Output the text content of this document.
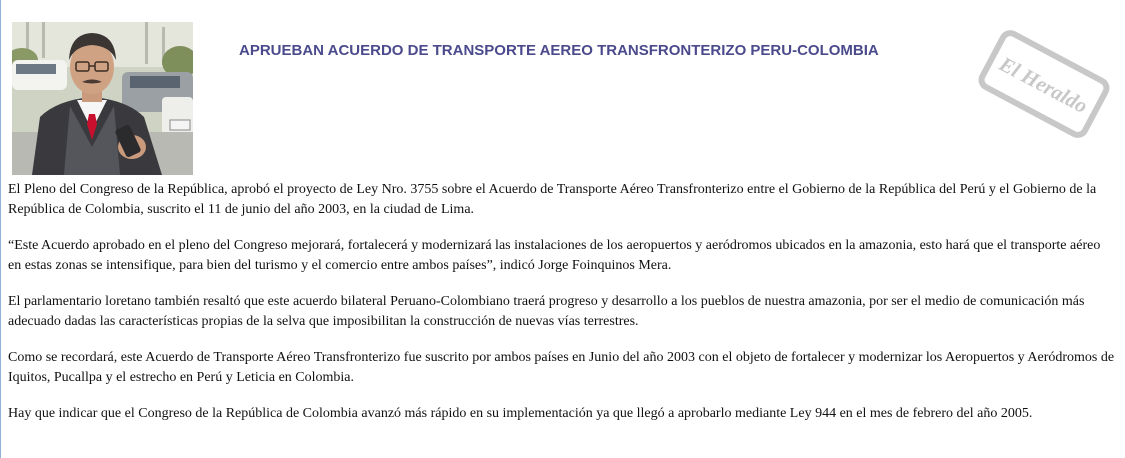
APRUEBAN ACUERDO DE TRANSPORTE AEREO TRANSFRONTERIZO PERU-COLOMBIA
El Heraldo

El Pleno del Congreso de la República, aprobó el proyecto de Ley Nro. 3755 sobre el Acuerdo de Transporte Aéreo Transfronterizo entre el Gobierno de la República del Perú y el Gobierno de la República de Colombia, suscrito el 11 de junio del año 2003, en la ciudad de Lima.

“Este Acuerdo aprobado en el pleno del Congreso mejorará, fortalecerá y modernizará las instalaciones de los aeropuertos y aeródromos ubicados en la amazonia, esto hará que el transporte aéreo en estas zonas se intensifique, para bien del turismo y el comercio entre ambos países”, indicó Jorge Foinquinos Mera.

El parlamentario loretano también resaltó que este acuerdo bilateral Peruano-Colombiano traerá progreso y desarrollo a los pueblos de nuestra amazonia, por ser el medio de comunicación más adecuado dadas las características propias de la selva que imposibilitan la construcción de nuevas vías terrestres.

Como se recordará, este Acuerdo de Transporte Aéreo Transfronterizo fue suscrito por ambos países en Junio del año 2003 con el objeto de fortalecer y modernizar los Aeropuertos y Aeródromos de Iquitos, Pucallpa y el estrecho en Perú y Leticia en Colombia.

Hay que indicar que el Congreso de la República de Colombia avanzó más rápido en su implementación ya que llegó a aprobarlo mediante Ley 944 en el mes de febrero del año 2005.
